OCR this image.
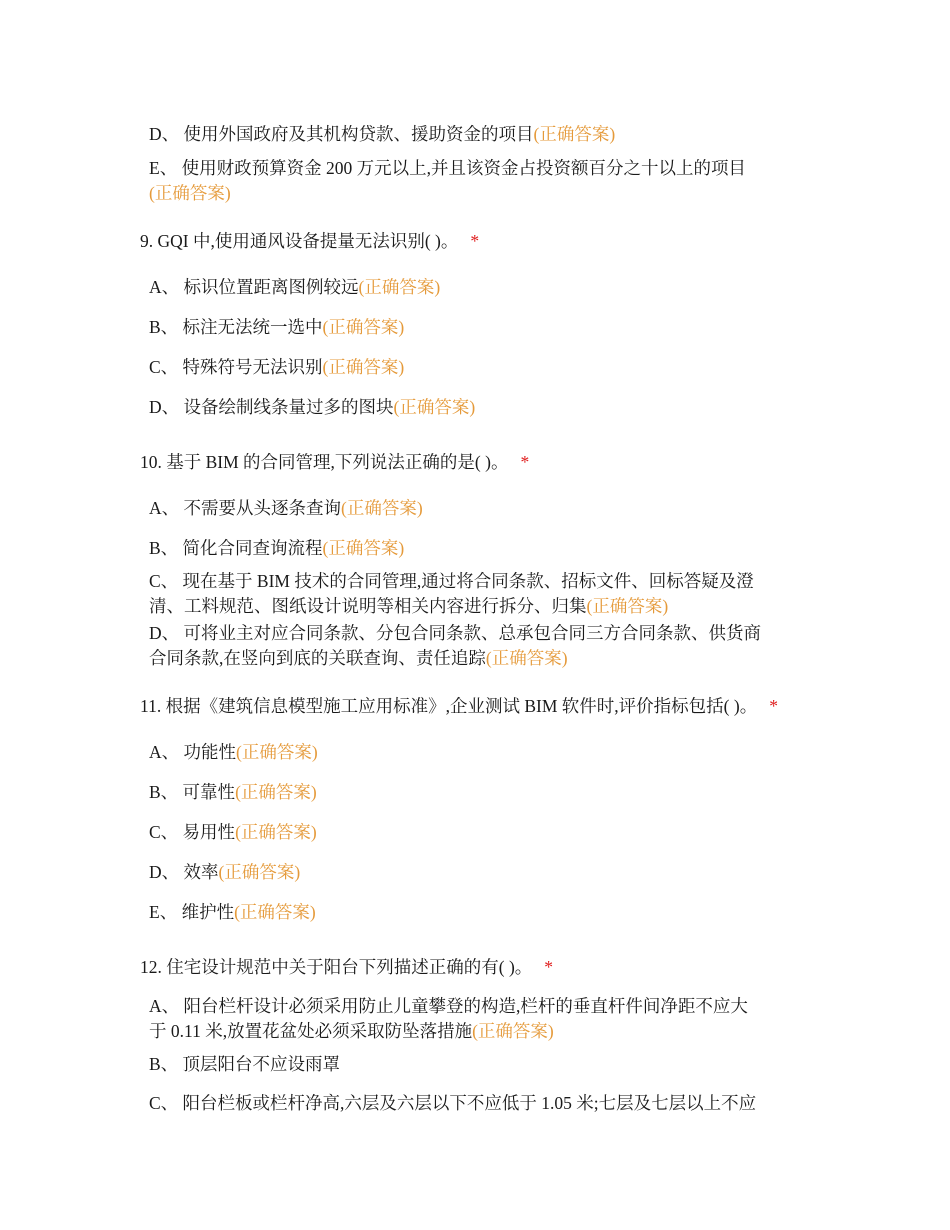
D、 使用外国政府及其机构贷款、援助资金的项目(正确答案)
E、 使用财政预算资金 200 万元以上,并且该资金占投资额百分之十以上的项目
(正确答案)
9. GQI 中,使用通风设备提量无法识别( )。 *
A、 标识位置距离图例较远(正确答案)
B、 标注无法统一选中(正确答案)
C、 特殊符号无法识别(正确答案)
D、 设备绘制线条量过多的图块(正确答案)
10. 基于 BIM 的合同管理,下列说法正确的是( )。 *
A、 不需要从头逐条查询(正确答案)
B、 简化合同查询流程(正确答案)
C、 现在基于 BIM 技术的合同管理,通过将合同条款、招标文件、回标答疑及澄
清、工料规范、图纸设计说明等相关内容进行拆分、归集(正确答案)
D、 可将业主对应合同条款、分包合同条款、总承包合同三方合同条款、供货商
合同条款,在竖向到底的关联查询、责任追踪(正确答案)
11. 根据《建筑信息模型施工应用标准》,企业测试 BIM 软件时,评价指标包括( )。 *
A、 功能性(正确答案)
B、 可靠性(正确答案)
C、 易用性(正确答案)
D、 效率(正确答案)
E、 维护性(正确答案)
12. 住宅设计规范中关于阳台下列描述正确的有( )。 *
A、 阳台栏杆设计必须采用防止儿童攀登的构造,栏杆的垂直杆件间净距不应大
于 0.11 米,放置花盆处必须采取防坠落措施(正确答案)
B、 顶层阳台不应设雨罩
C、 阳台栏板或栏杆净高,六层及六层以下不应低于 1.05 米;七层及七层以上不应
